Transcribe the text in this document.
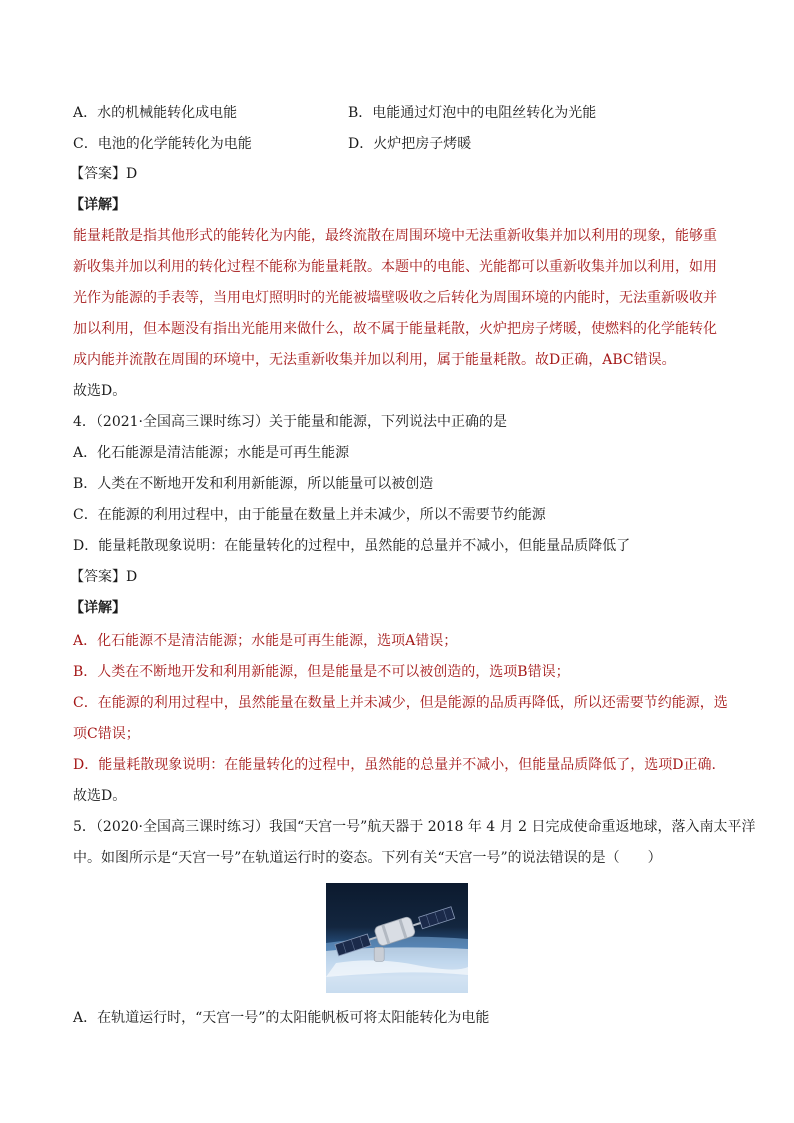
A．水的机械能转化成电能	B．电能通过灯泡中的电阻丝转化为光能
C．电池的化学能转化为电能	D．火炉把房子烤暖
【答案】D
【详解】
能量耗散是指其他形式的能转化为内能，最终流散在周围环境中无法重新收集并加以利用的现象，能够重
新收集并加以利用的转化过程不能称为能量耗散。本题中的电能、光能都可以重新收集并加以利用，如用
光作为能源的手表等，当用电灯照明时的光能被墙壁吸收之后转化为周围环境的内能时，无法重新吸收并
加以利用，但本题没有指出光能用来做什么，故不属于能量耗散，火炉把房子烤暖，使燃料的化学能转化
成内能并流散在周围的环境中，无法重新收集并加以利用，属于能量耗散。故D正确，ABC错误。
故选D。
4．（2021·全国高三课时练习）关于能量和能源，下列说法中正确的是
A．化石能源是清洁能源；水能是可再生能源
B．人类在不断地开发和利用新能源，所以能量可以被创造
C．在能源的利用过程中，由于能量在数量上并未减少，所以不需要节约能源
D．能量耗散现象说明：在能量转化的过程中，虽然能的总量并不减小，但能量品质降低了
【答案】D
【详解】
A．化石能源不是清洁能源；水能是可再生能源，选项A错误；
B．人类在不断地开发和利用新能源，但是能量是不可以被创造的，选项B错误；
C．在能源的利用过程中，虽然能量在数量上并未减少，但是能源的品质再降低，所以还需要节约能源，选
项C错误；
D．能量耗散现象说明：在能量转化的过程中，虽然能的总量并不减小，但能量品质降低了，选项D正确.
故选D。
5．（2020·全国高三课时练习）我国“天宫一号”航天器于 2018 年 4 月 2 日完成使命重返地球，落入南太平洋
中。如图所示是“天宫一号”在轨道运行时的姿态。下列有关“天宫一号”的说法错误的是（　　）
A．在轨道运行时，“天宫一号”的太阳能帆板可将太阳能转化为电能
